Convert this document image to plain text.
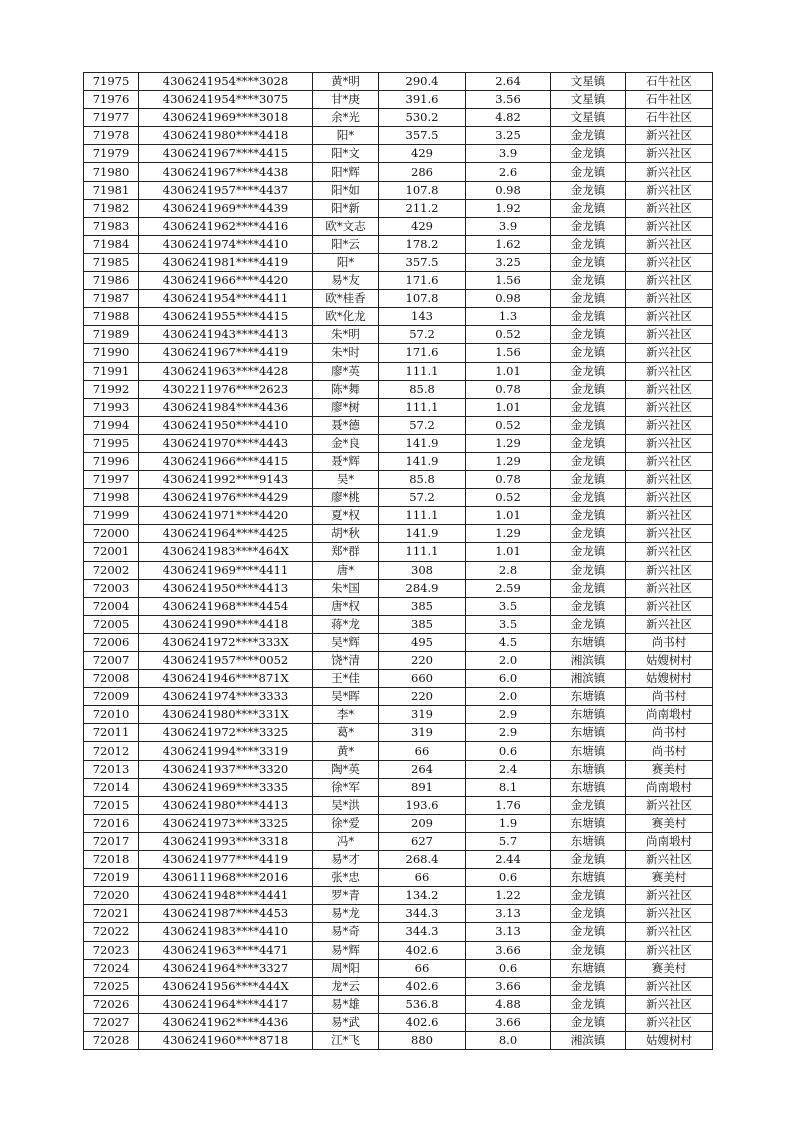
71975	4306241954****3028	黄*明	290.4	2.64	文星镇	石牛社区
71976	4306241954****3075	甘*庚	391.6	3.56	文星镇	石牛社区
71977	4306241969****3018	余*光	530.2	4.82	文星镇	石牛社区
71978	4306241980****4418	阳*	357.5	3.25	金龙镇	新兴社区
71979	4306241967****4415	阳*文	429	3.9	金龙镇	新兴社区
71980	4306241967****4438	阳*辉	286	2.6	金龙镇	新兴社区
71981	4306241957****4437	阳*如	107.8	0.98	金龙镇	新兴社区
71982	4306241969****4439	阳*新	211.2	1.92	金龙镇	新兴社区
71983	4306241962****4416	欧*文志	429	3.9	金龙镇	新兴社区
71984	4306241974****4410	阳*云	178.2	1.62	金龙镇	新兴社区
71985	4306241981****4419	阳*	357.5	3.25	金龙镇	新兴社区
71986	4306241966****4420	易*友	171.6	1.56	金龙镇	新兴社区
71987	4306241954****4411	欧*桂香	107.8	0.98	金龙镇	新兴社区
71988	4306241955****4415	欧*化龙	143	1.3	金龙镇	新兴社区
71989	4306241943****4413	朱*明	57.2	0.52	金龙镇	新兴社区
71990	4306241967****4419	朱*时	171.6	1.56	金龙镇	新兴社区
71991	4306241963****4428	廖*英	111.1	1.01	金龙镇	新兴社区
71992	4302211976****2623	陈*舞	85.8	0.78	金龙镇	新兴社区
71993	4306241984****4436	廖*树	111.1	1.01	金龙镇	新兴社区
71994	4306241950****4410	聂*德	57.2	0.52	金龙镇	新兴社区
71995	4306241970****4443	金*良	141.9	1.29	金龙镇	新兴社区
71996	4306241966****4415	聂*辉	141.9	1.29	金龙镇	新兴社区
71997	4306241992****9143	吴*	85.8	0.78	金龙镇	新兴社区
71998	4306241976****4429	廖*桃	57.2	0.52	金龙镇	新兴社区
71999	4306241971****4420	夏*权	111.1	1.01	金龙镇	新兴社区
72000	4306241964****4425	胡*秋	141.9	1.29	金龙镇	新兴社区
72001	4306241983****464X	郑*群	111.1	1.01	金龙镇	新兴社区
72002	4306241969****4411	唐*	308	2.8	金龙镇	新兴社区
72003	4306241950****4413	朱*国	284.9	2.59	金龙镇	新兴社区
72004	4306241968****4454	唐*权	385	3.5	金龙镇	新兴社区
72005	4306241990****4418	蒋*龙	385	3.5	金龙镇	新兴社区
72006	4306241972****333X	吴*辉	495	4.5	东塘镇	尚书村
72007	4306241957****0052	饶*清	220	2.0	湘滨镇	姑嫂树村
72008	4306241946****871X	王*佳	660	6.0	湘滨镇	姑嫂树村
72009	4306241974****3333	吴*晖	220	2.0	东塘镇	尚书村
72010	4306241980****331X	李*	319	2.9	东塘镇	尚南塅村
72011	4306241972****3325	葛*	319	2.9	东塘镇	尚书村
72012	4306241994****3319	黄*	66	0.6	东塘镇	尚书村
72013	4306241937****3320	陶*英	264	2.4	东塘镇	赛美村
72014	4306241969****3335	徐*军	891	8.1	东塘镇	尚南塅村
72015	4306241980****4413	吴*洪	193.6	1.76	金龙镇	新兴社区
72016	4306241973****3325	徐*爱	209	1.9	东塘镇	赛美村
72017	4306241993****3318	冯*	627	5.7	东塘镇	尚南塅村
72018	4306241977****4419	易*才	268.4	2.44	金龙镇	新兴社区
72019	4306111968****2016	张*忠	66	0.6	东塘镇	赛美村
72020	4306241948****4441	罗*青	134.2	1.22	金龙镇	新兴社区
72021	4306241987****4453	易*龙	344.3	3.13	金龙镇	新兴社区
72022	4306241983****4410	易*奇	344.3	3.13	金龙镇	新兴社区
72023	4306241963****4471	易*辉	402.6	3.66	金龙镇	新兴社区
72024	4306241964****3327	周*阳	66	0.6	东塘镇	赛美村
72025	4306241956****444X	龙*云	402.6	3.66	金龙镇	新兴社区
72026	4306241964****4417	易*雄	536.8	4.88	金龙镇	新兴社区
72027	4306241962****4436	易*武	402.6	3.66	金龙镇	新兴社区
72028	4306241960****8718	江*飞	880	8.0	湘滨镇	姑嫂树村
